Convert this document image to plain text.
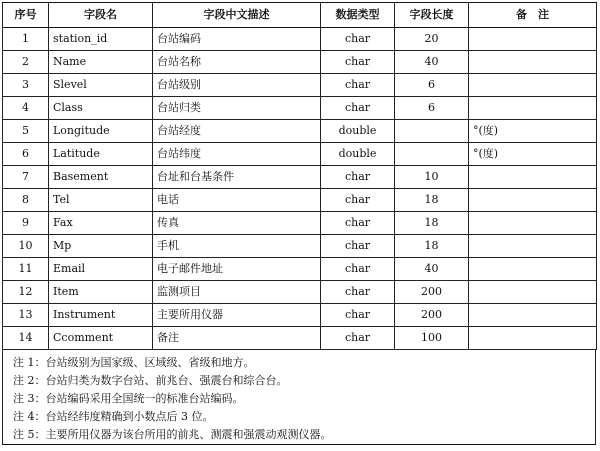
序号	字段名	字段中文描述	数据类型	字段长度	备　注
1	station_id	台站编码	char	20	
2	Name	台站名称	char	40	
3	Slevel	台站级别	char	6	
4	Class	台站归类	char	6	
5	Longitude	台站经度	double		°(度)
6	Latitude	台站纬度	double		°(度)
7	Basement	台址和台基条件	char	10	
8	Tel	电话	char	18	
9	Fax	传真	char	18	
10	Mp	手机	char	18	
11	Email	电子邮件地址	char	40	
12	Item	监测项目	char	200	
13	Instrument	主要所用仪器	char	200	
14	Ccomment	备注	char	100	
注 1：台站级别为国家级、区域级、省级和地方。
注 2：台站归类为数字台站、前兆台、强震台和综合台。
注 3：台站编码采用全国统一的标准台站编码。
注 4：台站经纬度精确到小数点后 3 位。
注 5：主要所用仪器为该台所用的前兆、测震和强震动观测仪器。
